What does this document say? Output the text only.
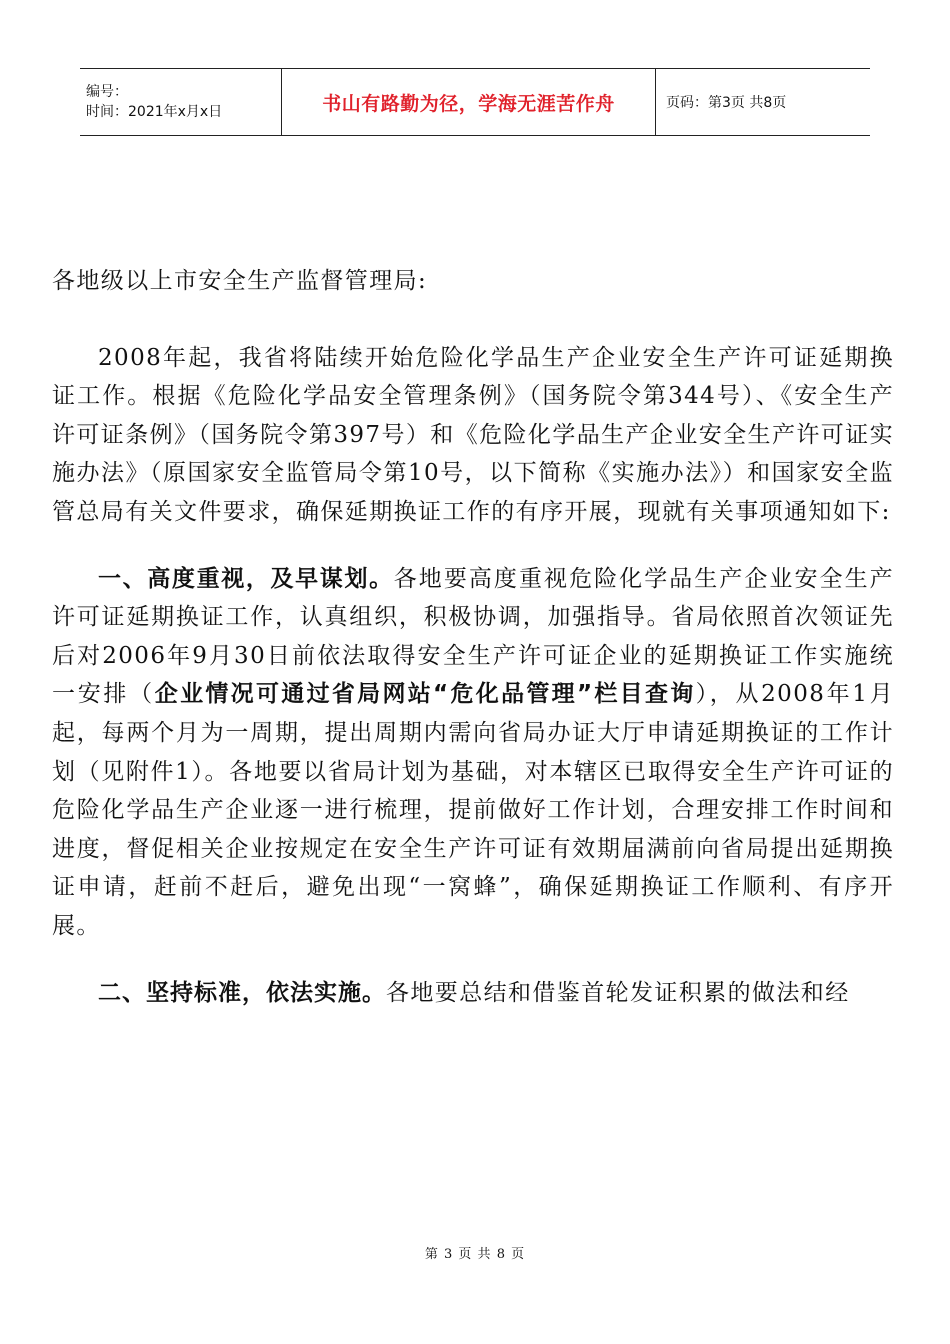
编号：
时间：2021年x月x日	书山有路勤为径，学海无涯苦作舟	页码：第3页 共8页

各地级以上市安全生产监督管理局:

2008年起，我省将陆续开始危险化学品生产企业安全生产许可证延期换证工作。根据《危险化学品安全管理条例》（国务院令第344号）、《安全生产许可证条例》（国务院令第397号）和《危险化学品生产企业安全生产许可证实施办法》（原国家安全监管局令第10号，以下简称《实施办法》）和国家安全监管总局有关文件要求，确保延期换证工作的有序开展，现就有关事项通知如下:

一、高度重视，及早谋划。各地要高度重视危险化学品生产企业安全生产许可证延期换证工作，认真组织，积极协调，加强指导。省局依照首次领证先后对2006年9月30日前依法取得安全生产许可证企业的延期换证工作实施统一安排（企业情况可通过省局网站“危化品管理”栏目查询），从2008年1月起，每两个月为一周期，提出周期内需向省局办证大厅申请延期换证的工作计划（见附件1）。各地要以省局计划为基础，对本辖区已取得安全生产许可证的危险化学品生产企业逐一进行梳理，提前做好工作计划，合理安排工作时间和进度，督促相关企业按规定在安全生产许可证有效期届满前向省局提出延期换证申请，赶前不赶后，避免出现“一窝蜂”，确保延期换证工作顺利、有序开展。

二、坚持标准，依法实施。各地要总结和借鉴首轮发证积累的做法和经

第 3 页 共 8 页
